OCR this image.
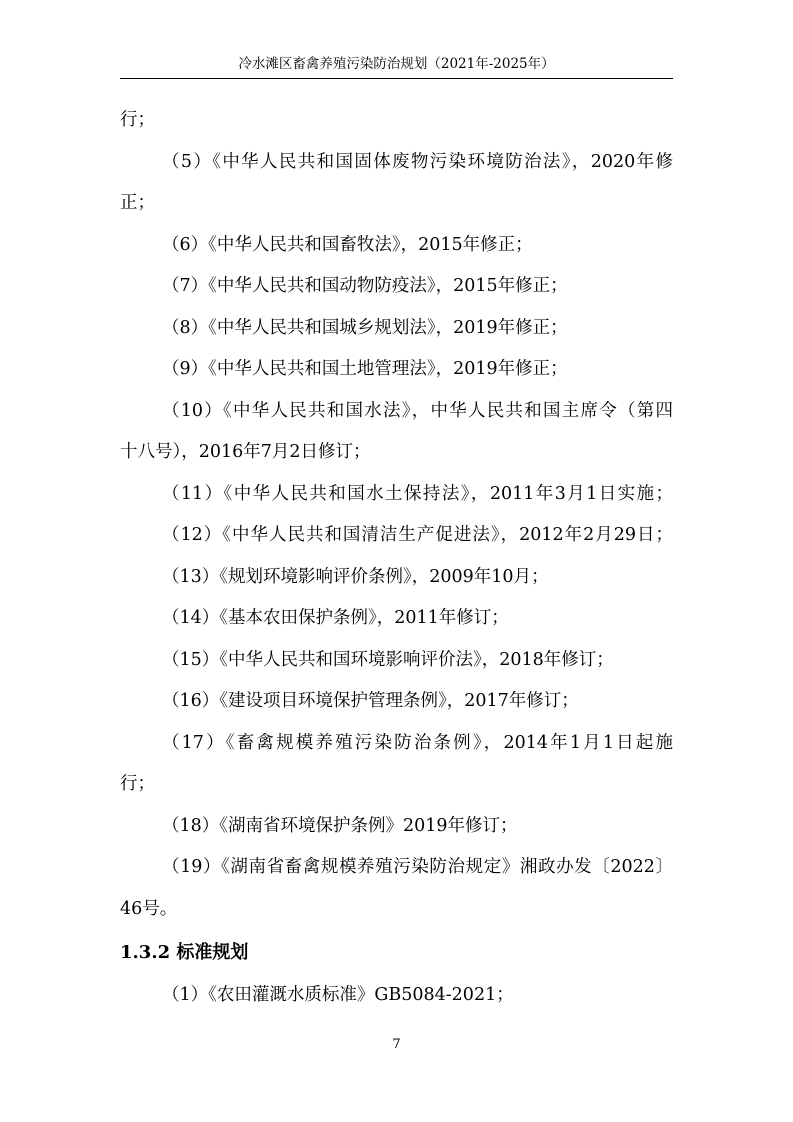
冷水滩区畜禽养殖污染防治规划（2021年-2025年）
行；
（5）《中华人民共和国固体废物污染环境防治法》，2020年修
正；
（6）《中华人民共和国畜牧法》，2015年修正；
（7）《中华人民共和国动物防疫法》，2015年修正；
（8）《中华人民共和国城乡规划法》，2019年修正；
（9）《中华人民共和国土地管理法》，2019年修正；
（10）《中华人民共和国水法》，中华人民共和国主席令（第四
十八号），2016年7月2日修订；
（11）《中华人民共和国水土保持法》，2011年3月1日实施；
（12）《中华人民共和国清洁生产促进法》，2012年2月29日；
（13）《规划环境影响评价条例》，2009年10月；
（14）《基本农田保护条例》，2011年修订；
（15）《中华人民共和国环境影响评价法》，2018年修订；
（16）《建设项目环境保护管理条例》，2017年修订；
（17）《畜禽规模养殖污染防治条例》，2014年1月1日起施
行；
（18）《湖南省环境保护条例》2019年修订；
（19）《湖南省畜禽规模养殖污染防治规定》湘政办发〔2022〕
46号。
1.3.2 标准规划
（1）《农田灌溉水质标准》GB5084-2021；
7
